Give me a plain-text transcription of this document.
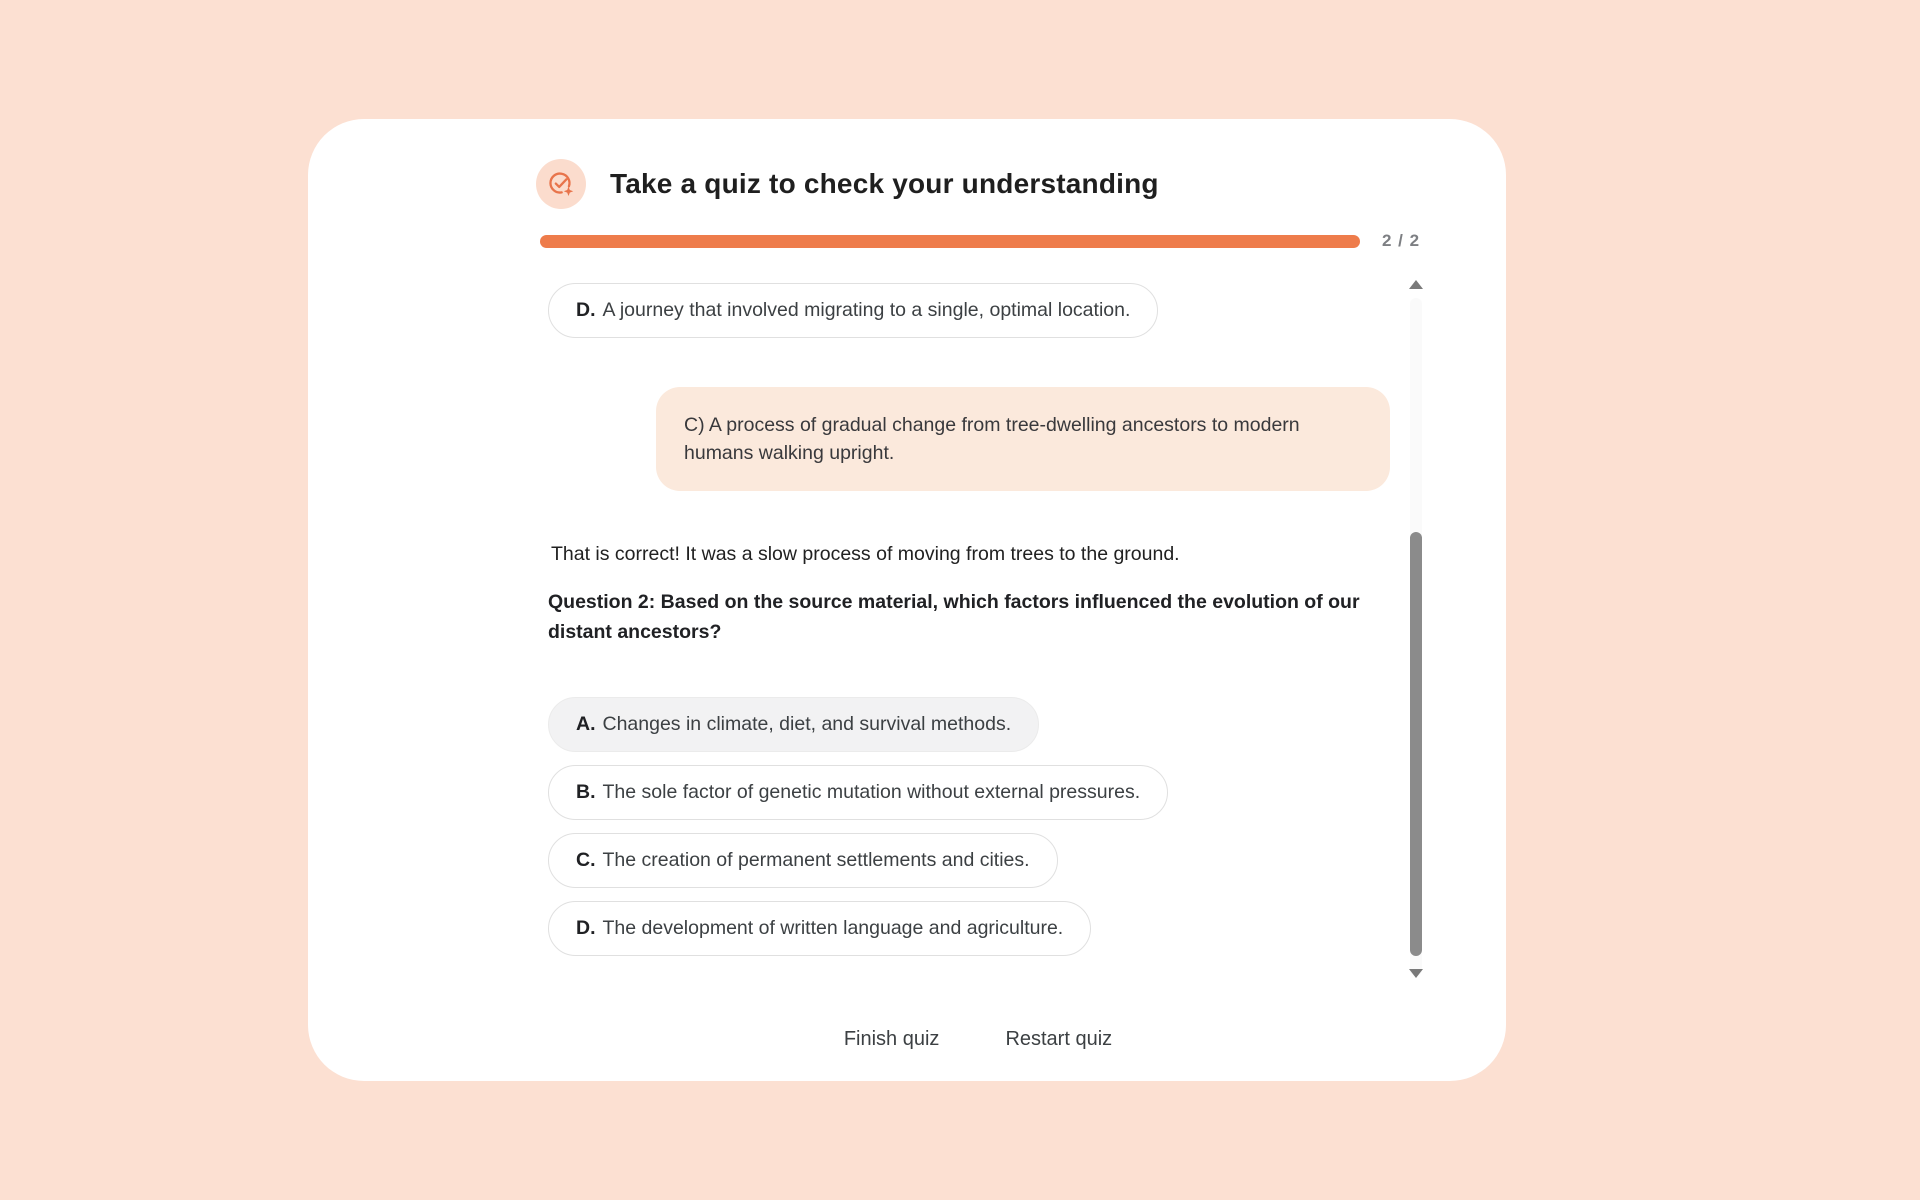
Take a quiz to check your understanding
2 / 2
D. A journey that involved migrating to a single, optimal location.
C) A process of gradual change from tree-dwelling ancestors to modern humans walking upright.
That is correct! It was a slow process of moving from trees to the ground.
Question 2: Based on the source material, which factors influenced the evolution of our distant ancestors?
A. Changes in climate, diet, and survival methods.
B. The sole factor of genetic mutation without external pressures.
C. The creation of permanent settlements and cities.
D. The development of written language and agriculture.
Finish quiz	Restart quiz
